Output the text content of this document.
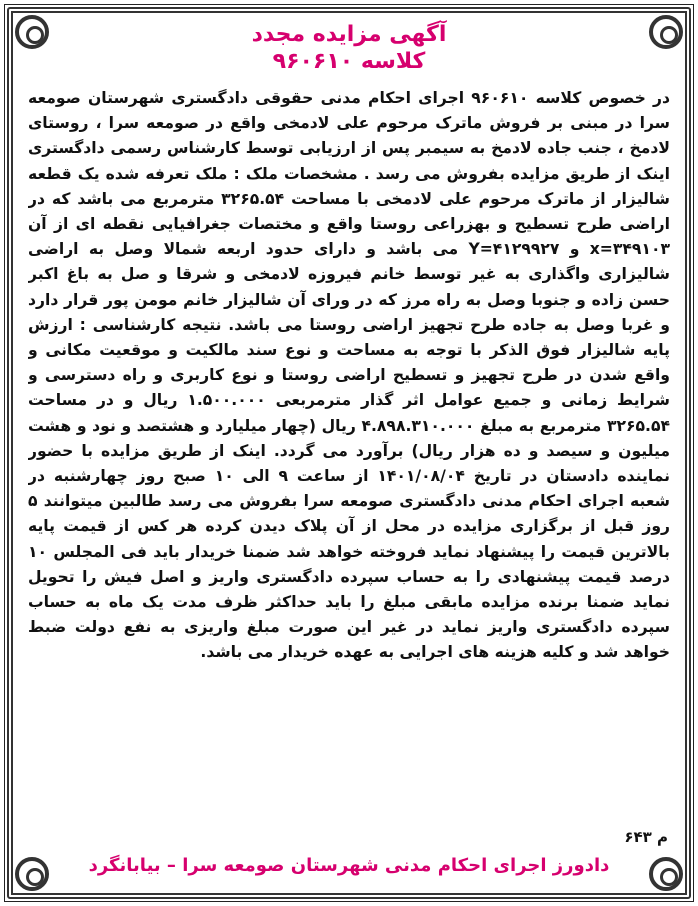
آگهی مزایده مجدد
کلاسه ۹۶۰۶۱۰
در خصوص کلاسه ۹۶۰۶۱۰ اجرای احکام مدنی حقوقی دادگستری شهرستان صومعه سرا در مبنی بر فروش ماترک مرحوم علی لادمخی واقع در صومعه سرا ، روستای لادمخ ، جنب جاده لادمخ به سیمبر پس از ارزیابی توسط کارشناس رسمی دادگستری اینک از طریق مزایده بفروش می رسد . مشخصات ملک : ملک تعرفه شده یک قطعه شالیزار از ماترک مرحوم علی لادمخی با مساحت ۳۲۶۵.۵۴ مترمربع می باشد که در اراضی طرح تسطیح و بهزراعی روستا واقع و مختصات جغرافیایی نقطه ای از آن x=۳۴۹۱۰۳ و Y=۴۱۲۹۹۲۷ می باشد و دارای حدود اربعه شمالا وصل به اراضی شالیزاری واگذاری به غیر توسط خانم فیروزه لادمخی و شرقا و صل به باغ اکبر حسن زاده و جنوبا وصل به راه مرز که در ورای آن شالیزار خانم مومن پور قرار دارد و غربا وصل به جاده طرح تجهیز اراضی روستا می باشد. نتیجه کارشناسی : ارزش پایه شالیزار فوق الذکر با توجه به مساحت و نوع سند مالکیت و موقعیت مکانی و واقع شدن در طرح تجهیز و تسطیح اراضی روستا و نوع کاربری و راه دسترسی و شرایط زمانی و جمیع عوامل اثر گذار مترمربعی ۱.۵۰۰.۰۰۰ ریال و در مساحت ۳۲۶۵.۵۴ مترمربع به مبلغ ۴.۸۹۸.۳۱۰.۰۰۰ ریال (چهار میلیارد و هشتصد و نود و هشت میلیون و سیصد و ده هزار ریال) برآورد می گردد. اینک از طریق مزایده با حضور نماینده دادستان در تاریخ ۱۴۰۱/۰۸/۰۴ از ساعت ۹ الی ۱۰ صبح روز چهارشنبه در شعبه اجرای احکام مدنی دادگستری صومعه سرا بفروش می رسد طالبین میتوانند ۵ روز قبل از برگزاری مزایده در محل از آن پلاک دیدن کرده هر کس از قیمت پایه بالاترین قیمت را پیشنهاد نماید فروخته خواهد شد ضمنا خریدار باید فی المجلس ۱۰ درصد قیمت پیشنهادی را به حساب سپرده دادگستری واریز و اصل فیش را تحویل نماید ضمنا برنده مزایده مابقی مبلغ را باید حداکثر ظرف مدت یک ماه به حساب سپرده دادگستری واریز نماید در غیر این صورت مبلغ واریزی به نفع دولت ضبط خواهد شد و کلیه هزینه های اجرایی به عهده خریدار می باشد.
م ۶۴۳
دادورز اجرای احکام مدنی شهرستان صومعه سرا – بیابانگرد
